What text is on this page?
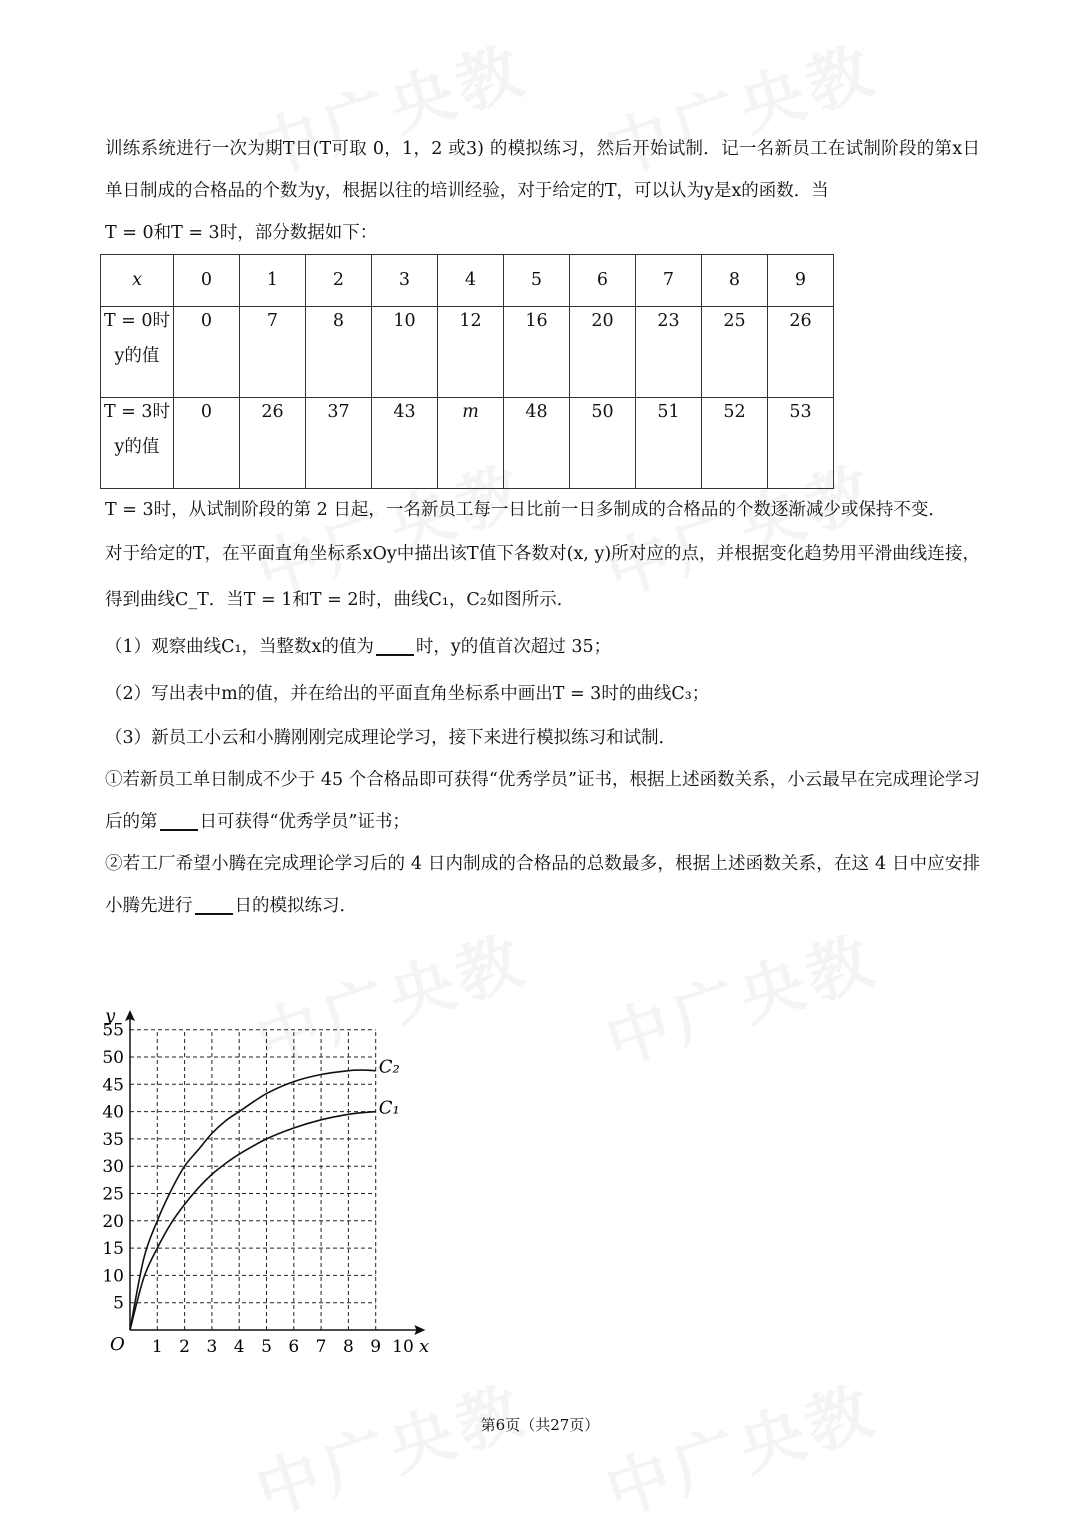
训练系统进行一次为期T日(T可取 0，1，2 或3) 的模拟练习，然后开始试制．记一名新员工在试制阶段的第x日单日制成的合格品的个数为y，根据以往的培训经验，对于给定的T，可以认为y是x的函数．当

T = 0和T = 3时，部分数据如下：

x	0	1	2	3	4	5	6	7	8	9

T = 0时
y的值	0	7	8	10	12	16	20	23	25	26

T = 3时
y的值	0	26	37	43	m	48	50	51	52	53

T = 3时，从试制阶段的第 2 日起，一名新员工每一日比前一日多制成的合格品的个数逐渐减少或保持不变．

对于给定的T，在平面直角坐标系xOy中描出该T值下各数对(x, y)所对应的点，并根据变化趋势用平滑曲线连接，得到曲线C_T．当T = 1和T = 2时，曲线C₁，C₂如图所示．

（1）观察曲线C₁，当整数x的值为 时，y的值首次超过 35；

（2）写出表中m的值，并在给出的平面直角坐标系中画出T = 3时的曲线C₃；

（3）新员工小云和小腾刚刚完成理论学习，接下来进行模拟练习和试制．

①若新员工单日制成不少于 45 个合格品即可获得“优秀学员”证书，根据上述函数关系，小云最早在完成理论学习后的第 日可获得“优秀学员”证书；

②若工厂希望小腾在完成理论学习后的 4 日内制成的合格品的总数最多，根据上述函数关系，在这 4 日中应安排小腾先进行 日的模拟练习．

1 2 3 4 5 6 7 8 9 10
5
10
15
20
25
30
35
40
45
50
55
x
y
O
C₂
C₁
第6页（共27页）
